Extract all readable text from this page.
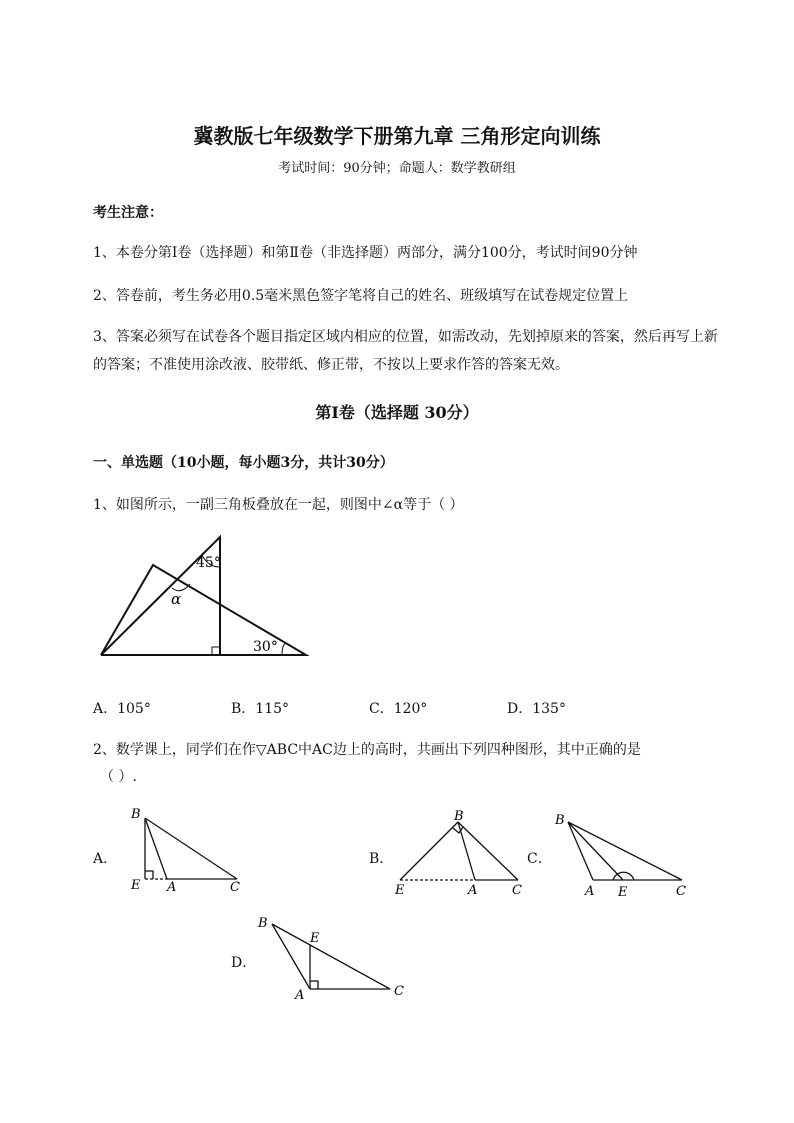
冀教版七年级数学下册第九章 三角形定向训练
考试时间：90分钟；命题人：数学教研组
考生注意：
1、本卷分第Ⅰ卷（选择题）和第Ⅱ卷（非选择题）两部分，满分100分，考试时间90分钟
2、答卷前，考生务必用0.5毫米黑色签字笔将自己的姓名、班级填写在试卷规定位置上
3、答案必须写在试卷各个题目指定区域内相应的位置，如需改动，先划掉原来的答案，然后再写上新
的答案；不准使用涂改液、胶带纸、修正带，不按以上要求作答的答案无效。
第Ⅰ卷（选择题 30分）
一、单选题（10小题，每小题3分，共计30分）
1、如图所示，一副三角板叠放在一起，则图中∠α等于（ ）
45°
α
30°
A．105°	B．115°	C．120°	D．135°
2、数学课上，同学们在作▽ABC中AC边上的高时，共画出下列四种图形，其中正确的是
（ ）.
A．
B
E A	C
B．
B
E	A	C
C．
B
A E	C
D．
B
E
A	C
